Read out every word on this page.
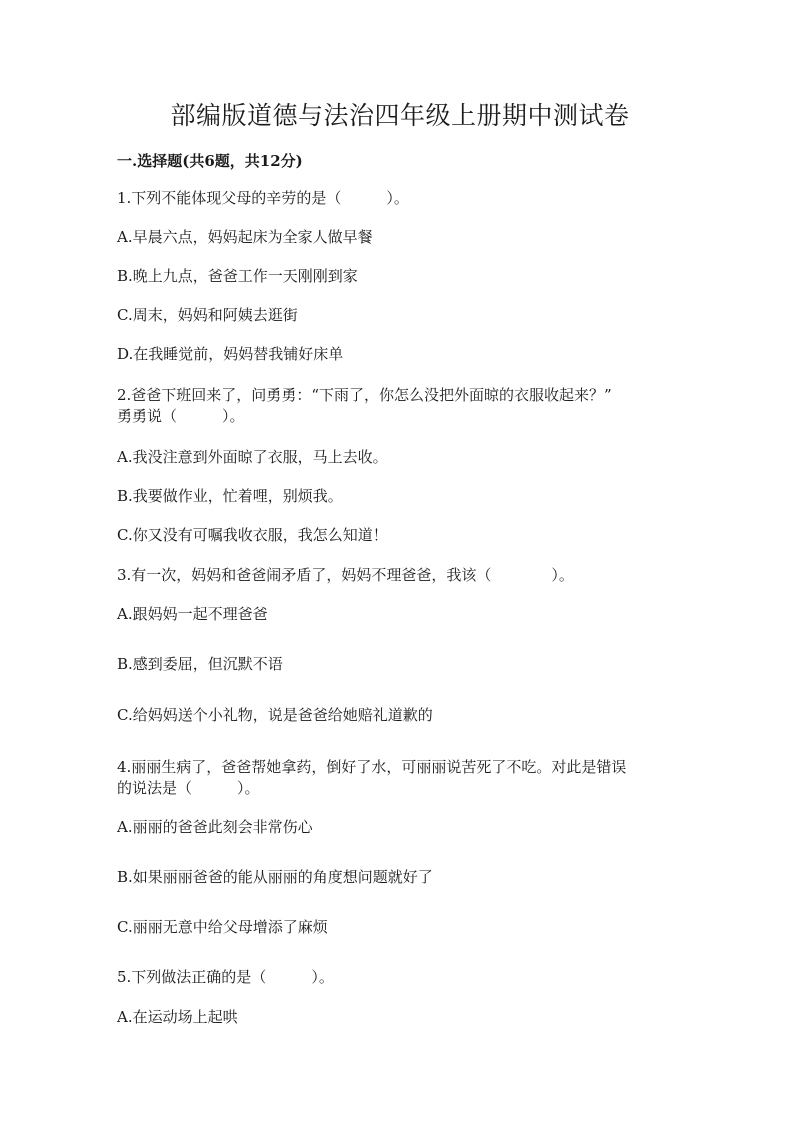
部编版道德与法治四年级上册期中测试卷
一.选择题(共6题，共12分)
1.下列不能体现父母的辛劳的是（　　　）。
A.早晨六点，妈妈起床为全家人做早餐
B.晚上九点，爸爸工作一天刚刚到家
C.周末，妈妈和阿姨去逛街
D.在我睡觉前，妈妈替我铺好床单
2.爸爸下班回来了，问勇勇：“下雨了，你怎么没把外面晾的衣服收起来？”
勇勇说（　　　）。
A.我没注意到外面晾了衣服，马上去收。
B.我要做作业，忙着哩，别烦我。
C.你又没有可嘱我收衣服，我怎么知道！
3.有一次，妈妈和爸爸闹矛盾了，妈妈不理爸爸，我该（　　　　）。
A.跟妈妈一起不理爸爸
B.感到委屈，但沉默不语
C.给妈妈送个小礼物，说是爸爸给她赔礼道歉的
4.丽丽生病了，爸爸帮她拿药，倒好了水，可丽丽说苦死了不吃。对此是错误
的说法是（　　　）。
A.丽丽的爸爸此刻会非常伤心
B.如果丽丽爸爸的能从丽丽的角度想问题就好了
C.丽丽无意中给父母增添了麻烦
5.下列做法正确的是（　　　）。
A.在运动场上起哄
